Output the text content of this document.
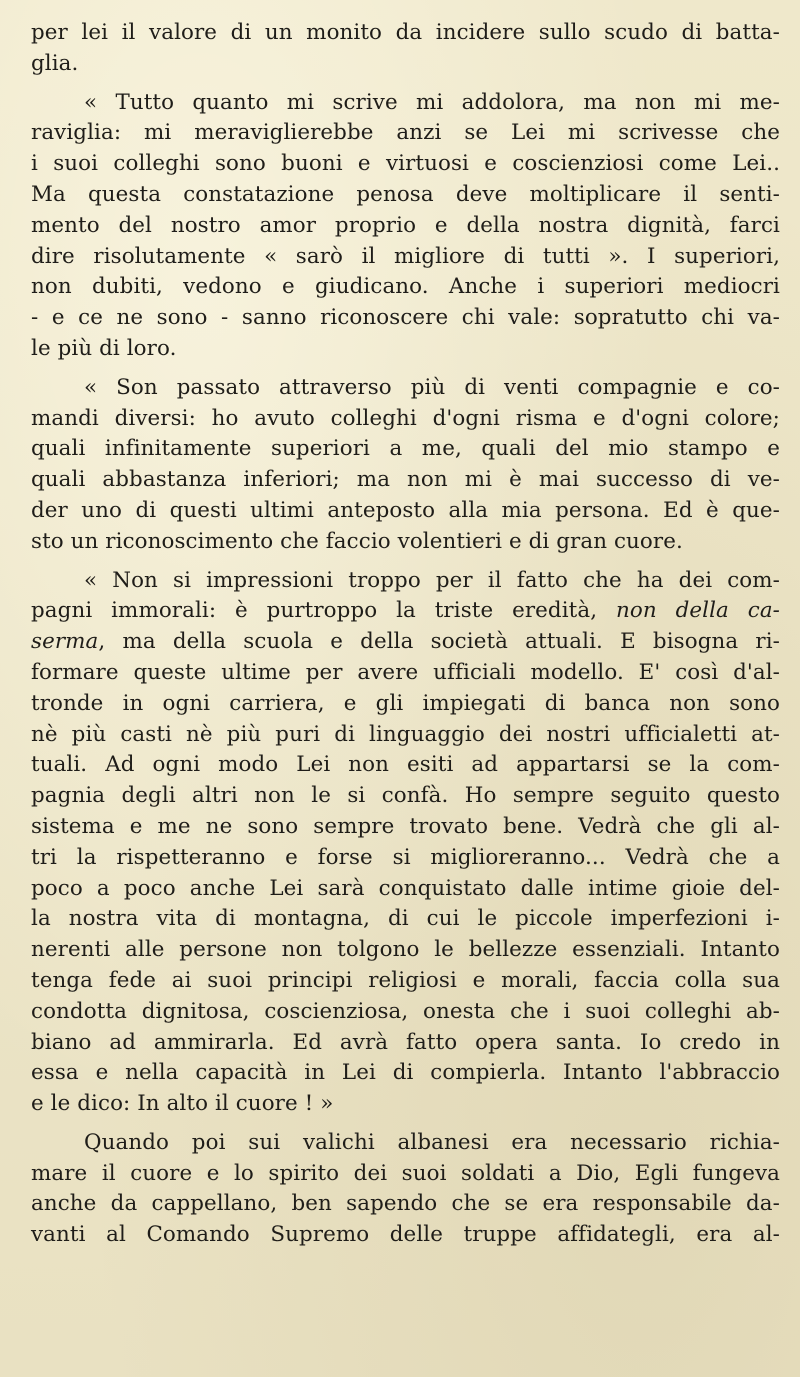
per lei il valore di un monito da incidere sullo scudo di batta-
glia.

« Tutto quanto mi scrive mi addolora, ma non mi me-
raviglia: mi meraviglierebbe anzi se Lei mi scrivesse che
i suoi colleghi sono buoni e virtuosi e coscienziosi come Lei..
Ma questa constatazione penosa deve moltiplicare il senti-
mento del nostro amor proprio e della nostra dignità, farci
dire risolutamente « sarò il migliore di tutti ». I superiori,
non dubiti, vedono e giudicano. Anche i superiori mediocri
- e ce ne sono - sanno riconoscere chi vale: sopratutto chi va-
le più di loro.

« Son passato attraverso più di venti compagnie e co-
mandi diversi: ho avuto colleghi d'ogni risma e d'ogni colore;
quali infinitamente superiori a me, quali del mio stampo e
quali abbastanza inferiori; ma non mi è mai successo di ve-
der uno di questi ultimi anteposto alla mia persona. Ed è que-
sto un riconoscimento che faccio volentieri e di gran cuore.

« Non si impressioni troppo per il fatto che ha dei com-
pagni immorali: è purtroppo la triste eredità, non della ca-
serma, ma della scuola e della società attuali. E bisogna ri-
formare queste ultime per avere ufficiali modello. E' così d'al-
tronde in ogni carriera, e gli impiegati di banca non sono
nè più casti nè più puri di linguaggio dei nostri ufficialetti at-
tuali. Ad ogni modo Lei non esiti ad appartarsi se la com-
pagnia degli altri non le si confà. Ho sempre seguito questo
sistema e me ne sono sempre trovato bene. Vedrà che gli al-
tri la rispetteranno e forse si miglioreranno... Vedrà che a
poco a poco anche Lei sarà conquistato dalle intime gioie del-
la nostra vita di montagna, di cui le piccole imperfezioni i-
nerenti alle persone non tolgono le bellezze essenziali. Intanto
tenga fede ai suoi principi religiosi e morali, faccia colla sua
condotta dignitosa, coscienziosa, onesta che i suoi colleghi ab-
biano ad ammirarla. Ed avrà fatto opera santa. Io credo in
essa e nella capacità in Lei di compierla. Intanto l'abbraccio
e le dico: In alto il cuore ! »

Quando poi sui valichi albanesi era necessario richia-
mare il cuore e lo spirito dei suoi soldati a Dio, Egli fungeva
anche da cappellano, ben sapendo che se era responsabile da-
vanti al Comando Supremo delle truppe affidategli, era al-
